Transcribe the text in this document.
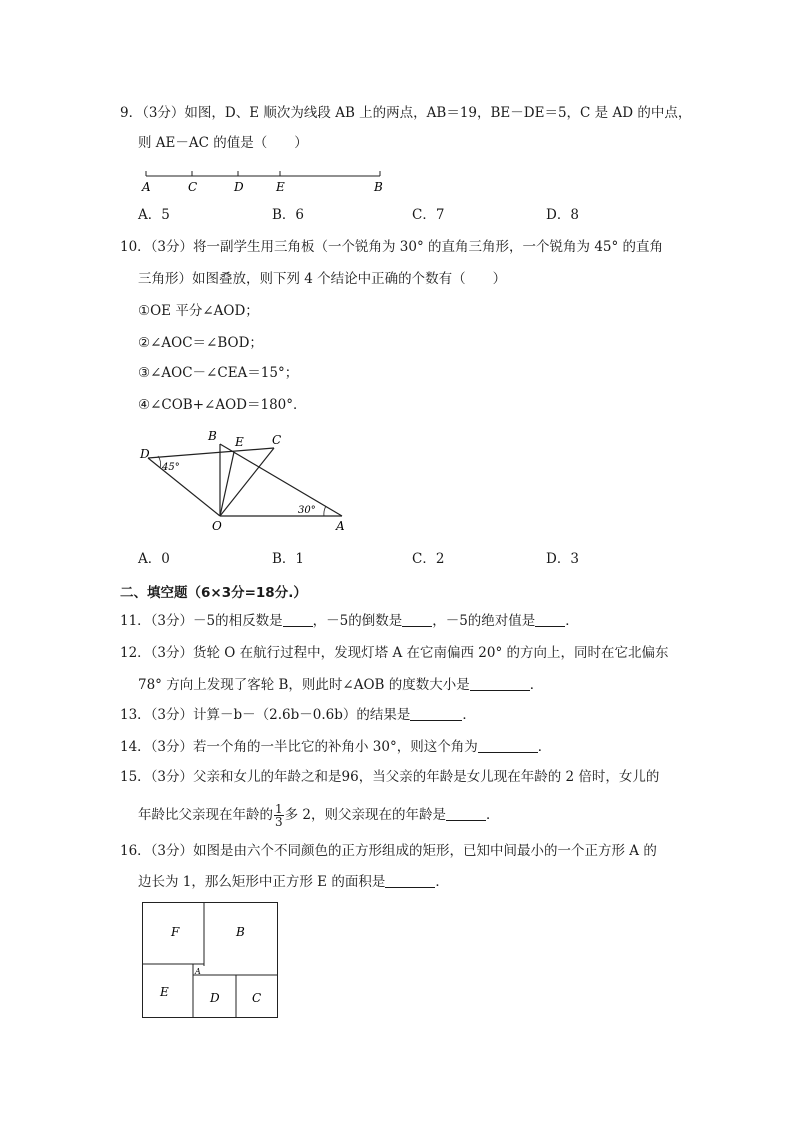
9．（3分）如图，D、E 顺次为线段 AB 上的两点，AB＝19，BE－DE＝5，C 是 AD 的中点，
则 AE－AC 的值是（　　）
A	C	D	E	B
A．5	B．6	C．7	D．8
10．（3分）将一副学生用三角板（一个锐角为 30° 的直角三角形，一个锐角为 45° 的直角
三角形）如图叠放，则下列 4 个结论中正确的个数有（　　）
①OE 平分∠AOD；
②∠AOC＝∠BOD；
③∠AOC－∠CEA＝15°；
④∠COB+∠AOD＝180°．
B E C
D
O	A
45°
30°
A．0	B．1	C．2	D．3
二、填空题（6×3分=18分.）
11．（3分）－5的相反数是 ，－5的倒数是 ，－5的绝对值是 ．
12．（3分）货轮 O 在航行过程中，发现灯塔 A 在它南偏西 20° 的方向上，同时在它北偏东
78° 方向上发现了客轮 B，则此时∠AOB 的度数大小是	．
13．（3分）计算－b－（2.6b－0.6b）的结果是	．
14．（3分）若一个角的一半比它的补角小 30°，则这个角为	．
15．（3分）父亲和女儿的年龄之和是96，当父亲的年龄是女儿现在年龄的 2 倍时，女儿的
年龄比父亲现在年龄的 $\frac{1}{3}$ 多 2，则父亲现在的年龄是	．
16．（3分）如图是由六个不同颜色的正方形组成的矩形，已知中间最小的一个正方形 A 的
边长为 1，那么矩形中正方形 E 的面积是	．
F	B
A
E	D	C
